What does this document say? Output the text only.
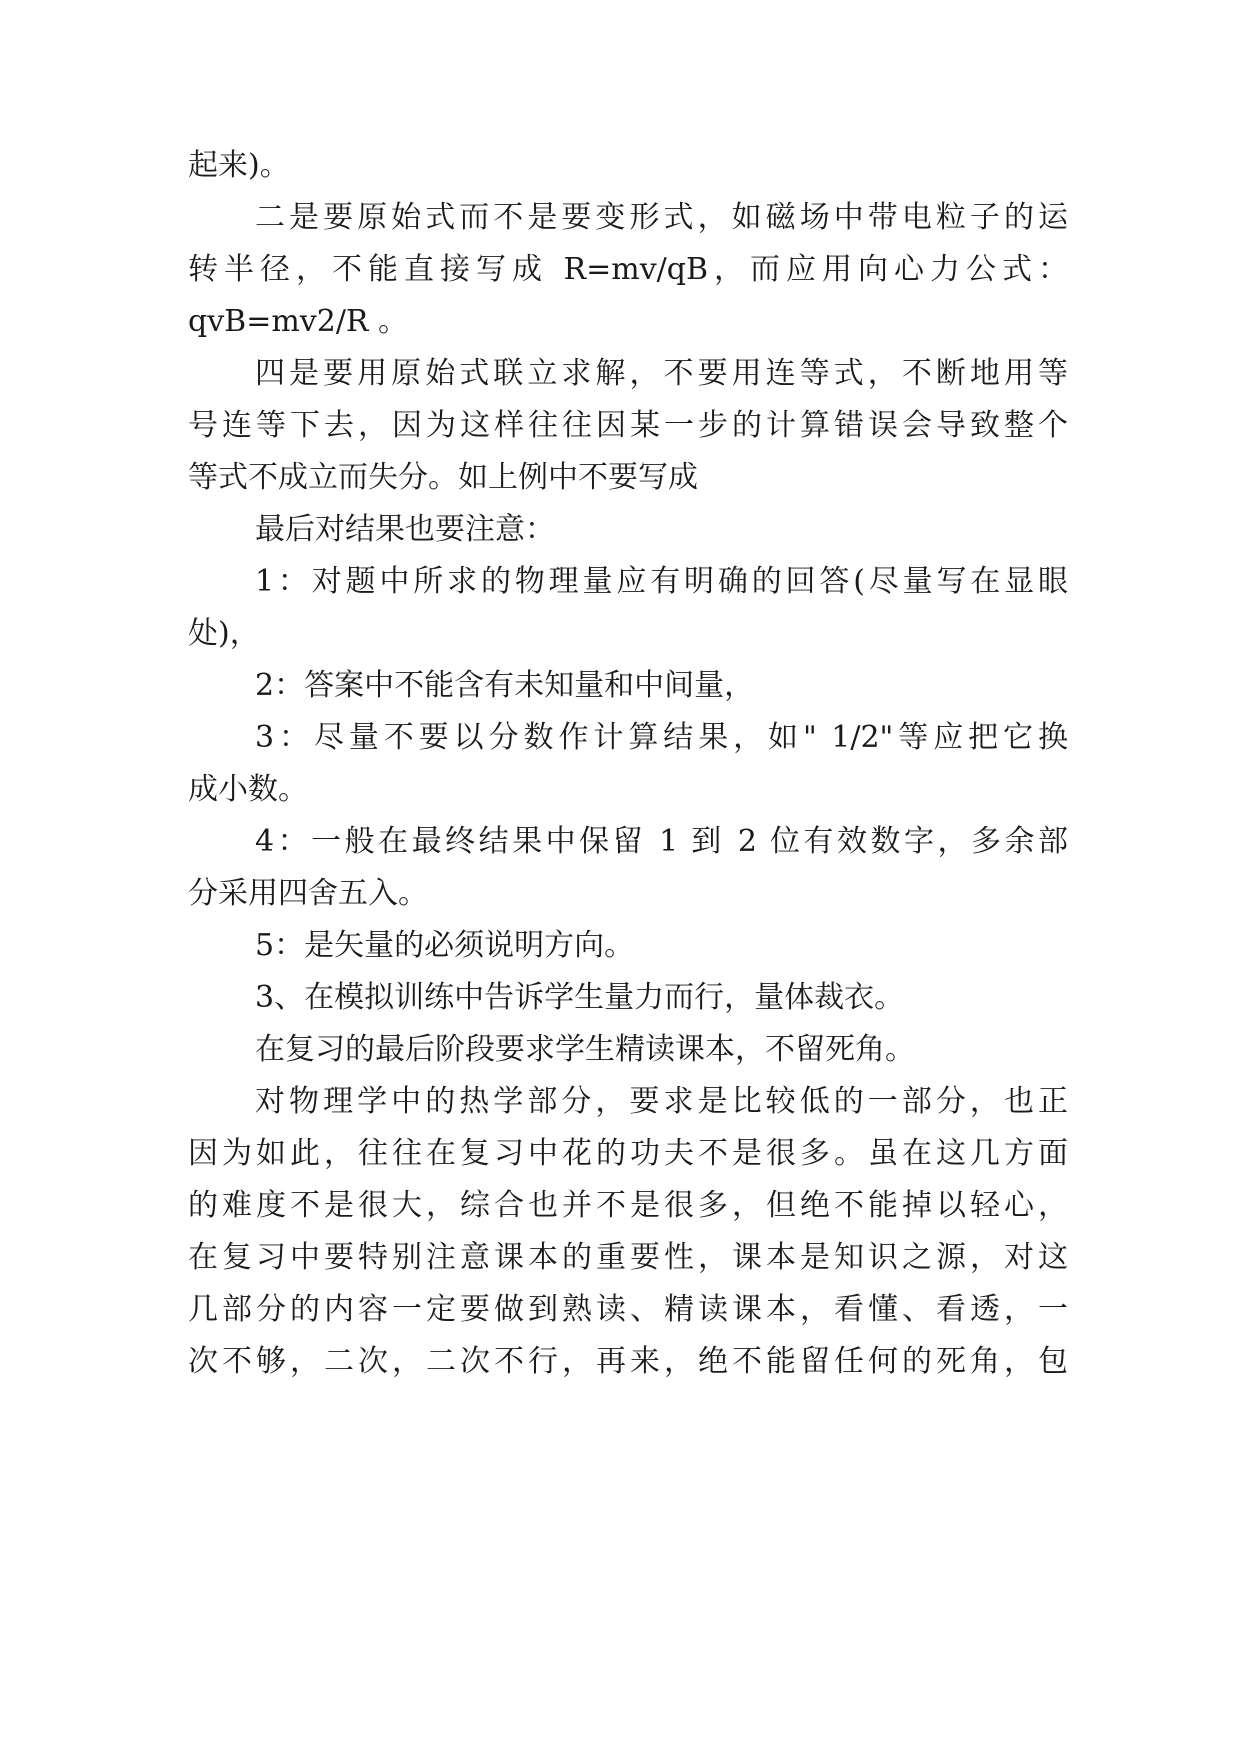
起来)。

二是要原始式而不是要变形式，如磁场中带电粒子的运

转半径，不能直接写成 R=mv/qB，而应用向心力公式：

qvB=mv2/R 。

四是要用原始式联立求解，不要用连等式，不断地用等

号连等下去，因为这样往往因某一步的计算错误会导致整个

等式不成立而失分。如上例中不要写成

最后对结果也要注意：

1：对题中所求的物理量应有明确的回答(尽量写在显眼

处)，

2：答案中不能含有未知量和中间量，

3：尽量不要以分数作计算结果，如" 1/2"等应把它换

成小数。

4：一般在最终结果中保留 1 到 2 位有效数字，多余部

分采用四舍五入。

5：是矢量的必须说明方向。

3、在模拟训练中告诉学生量力而行，量体裁衣。

在复习的最后阶段要求学生精读课本，不留死角。

对物理学中的热学部分，要求是比较低的一部分，也正

因为如此，往往在复习中花的功夫不是很多。虽在这几方面

的难度不是很大，综合也并不是很多，但绝不能掉以轻心，

在复习中要特别注意课本的重要性，课本是知识之源，对这

几部分的内容一定要做到熟读、精读课本，看懂、看透，一

次不够，二次，二次不行，再来，绝不能留任何的死角，包
